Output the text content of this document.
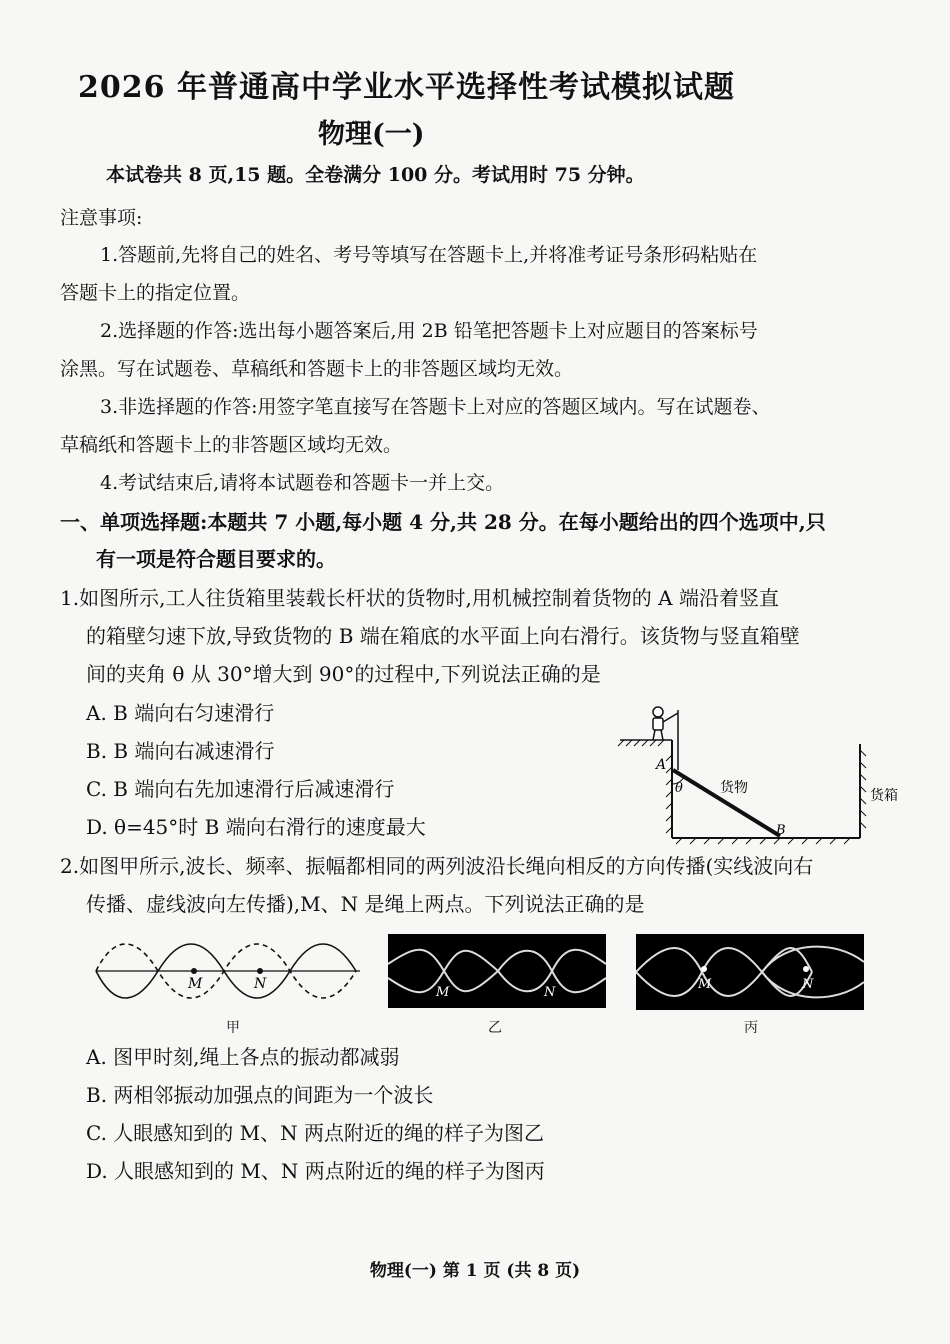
2026 年普通高中学业水平选择性考试模拟试题
物理(一)
本试卷共 8 页,15 题。全卷满分 100 分。考试用时 75 分钟。
注意事项:
1.答题前,先将自己的姓名、考号等填写在答题卡上,并将准考证号条形码粘贴在
答题卡上的指定位置。
2.选择题的作答:选出每小题答案后,用 2B 铅笔把答题卡上对应题目的答案标号
涂黑。写在试题卷、草稿纸和答题卡上的非答题区域均无效。
3.非选择题的作答:用签字笔直接写在答题卡上对应的答题区域内。写在试题卷、
草稿纸和答题卡上的非答题区域均无效。
4.考试结束后,请将本试题卷和答题卡一并上交。
一、单项选择题:本题共 7 小题,每小题 4 分,共 28 分。在每小题给出的四个选项中,只
有一项是符合题目要求的。
1.如图所示,工人往货箱里装载长杆状的货物时,用机械控制着货物的 A 端沿着竖直
的箱壁匀速下放,导致货物的 B 端在箱底的水平面上向右滑行。该货物与竖直箱壁
间的夹角 θ 从 30°增大到 90°的过程中,下列说法正确的是
A. B 端向右匀速滑行
B. B 端向右减速滑行
C. B 端向右先加速滑行后减速滑行
D. θ=45°时 B 端向右滑行的速度最大
A
θ	货物
B
货箱
2.如图甲所示,波长、频率、振幅都相同的两列波沿长绳向相反的方向传播(实线波向右
传播、虚线波向左传播),M、N 是绳上两点。下列说法正确的是
M	N
甲
M	N
乙
M	N
丙
A. 图甲时刻,绳上各点的振动都减弱
B. 两相邻振动加强点的间距为一个波长
C. 人眼感知到的 M、N 两点附近的绳的样子为图乙
D. 人眼感知到的 M、N 两点附近的绳的样子为图丙
物理(一) 第 1 页 (共 8 页)
